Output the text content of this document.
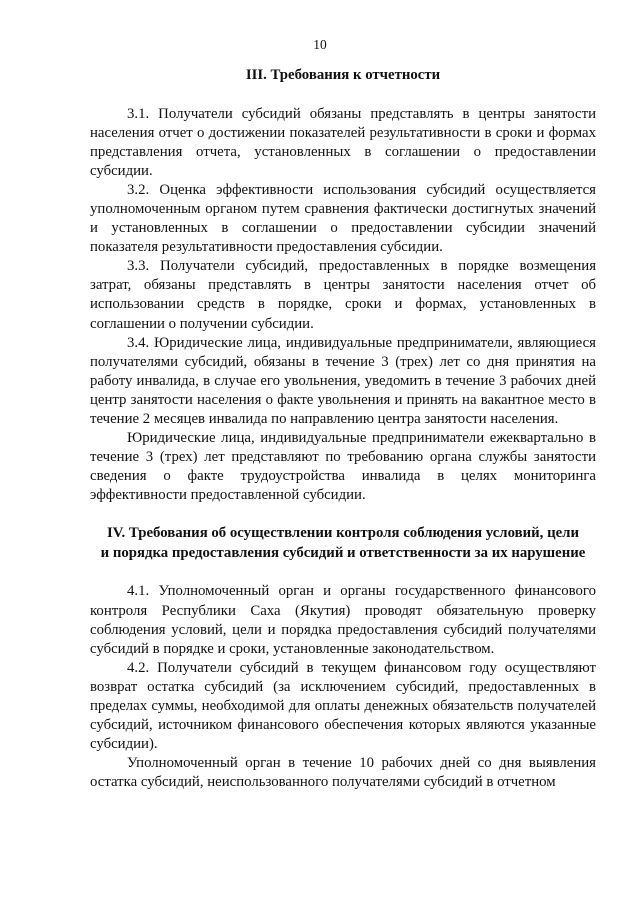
10

III. Требования к отчетности

3.1. Получатели субсидий обязаны представлять в центры занятости населения отчет о достижении показателей результативности в сроки и формах представления отчета, установленных в соглашении о предоставлении субсидии.

3.2. Оценка эффективности использования субсидий осуществляется уполномоченным органом путем сравнения фактически достигнутых значений и установленных в соглашении о предоставлении субсидии значений показателя результативности предоставления субсидии.

3.3. Получатели субсидий, предоставленных в порядке возмещения затрат, обязаны представлять в центры занятости населения отчет об использовании средств в порядке, сроки и формах, установленных в соглашении о получении субсидии.

3.4. Юридические лица, индивидуальные предприниматели, являющиеся получателями субсидий, обязаны в течение 3 (трех) лет со дня принятия на работу инвалида, в случае его увольнения, уведомить в течение 3 рабочих дней центр занятости населения о факте увольнения и принять на вакантное место в течение 2 месяцев инвалида по направлению центра занятости населения.

Юридические лица, индивидуальные предприниматели ежеквартально в течение 3 (трех) лет представляют по требованию органа службы занятости сведения о факте трудоустройства инвалида в целях мониторинга эффективности предоставленной субсидии.

IV. Требования об осуществлении контроля соблюдения условий, цели
и порядка предоставления субсидий и ответственности за их нарушение

4.1. Уполномоченный орган и органы государственного финансового контроля Республики Саха (Якутия) проводят обязательную проверку соблюдения условий, цели и порядка предоставления субсидий получателями субсидий в порядке и сроки, установленные законодательством.

4.2. Получатели субсидий в текущем финансовом году осуществляют возврат остатка субсидий (за исключением субсидий, предоставленных в пределах суммы, необходимой для оплаты денежных обязательств получателей субсидий, источником финансового обеспечения которых являются указанные субсидии).

Уполномоченный орган в течение 10 рабочих дней со дня выявления остатка субсидий, неиспользованного получателями субсидий в отчетном
